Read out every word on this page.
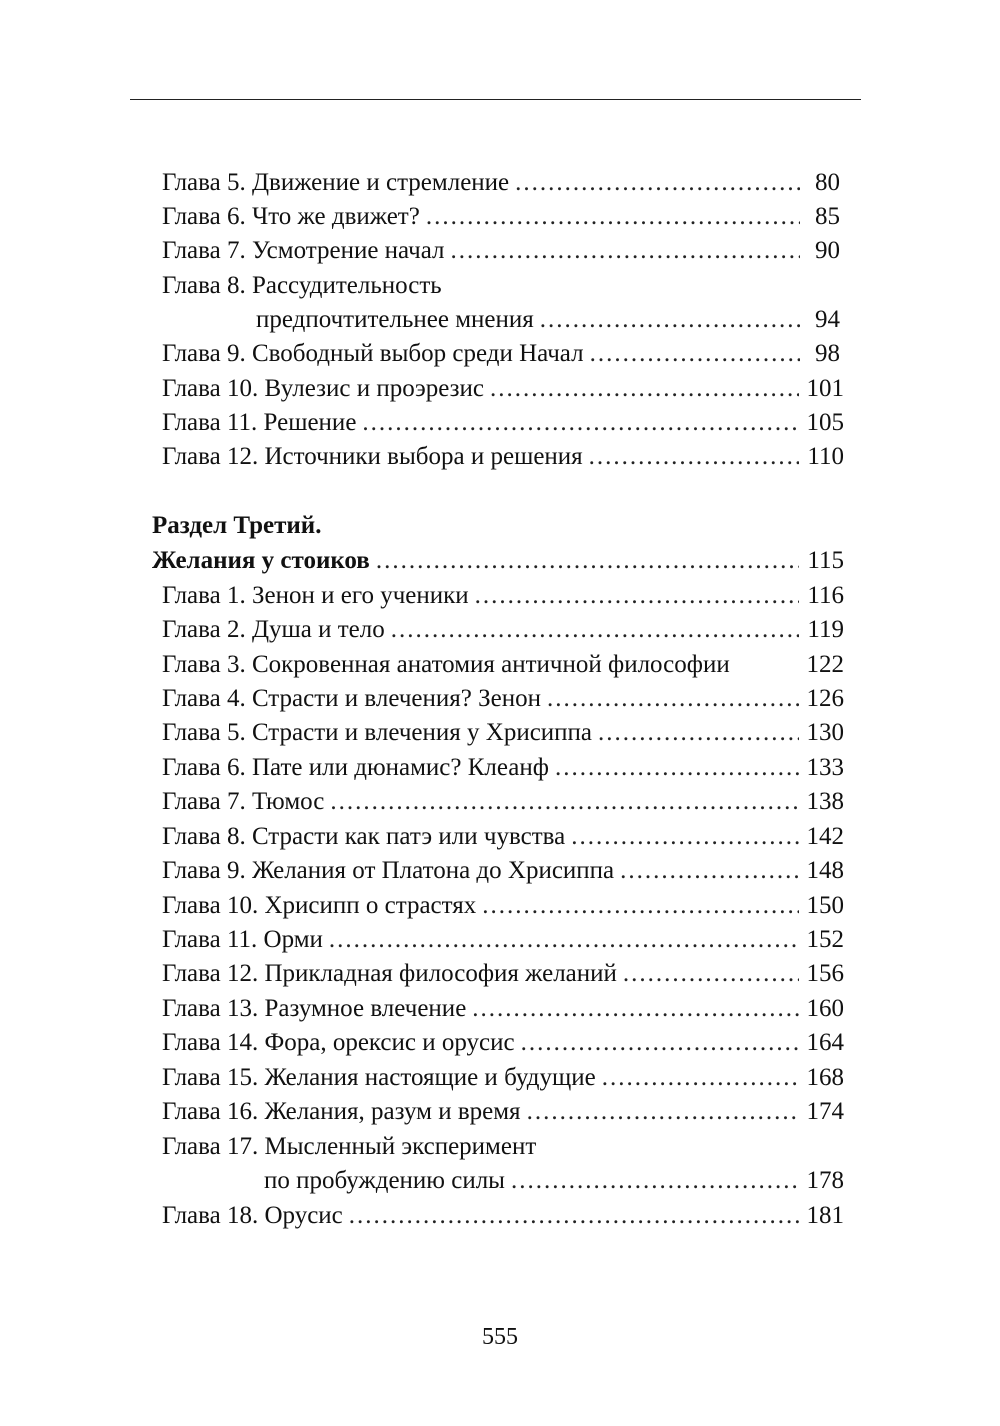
Глава 5. Движение и стремление .....	80
Глава 6. Что же движет? .....	85
Глава 7. Усмотрение начал .....	90
Глава 8. Рассудительность
предпочтительнее мнения .....	94
Глава 9. Свободный выбор среди Начал .....	98
Глава 10. Вулезис и проэрезис .....	101
Глава 11. Решение .....	105
Глава 12. Источники выбора и решения .....	110
Раздел Третий.
Желания у стоиков .....	115
Глава 1. Зенон и его ученики .....	116
Глава 2. Душа и тело .....	119
Глава 3. Сокровенная анатомия античной философии	122
Глава 4. Страсти и влечения? Зенон .....	126
Глава 5. Страсти и влечения у Хрисиппа .....	130
Глава 6. Пате или дюнамис? Клеанф .....	133
Глава 7. Тюмос .....	138
Глава 8. Страсти как патэ или чувства .....	142
Глава 9. Желания от Платона до Хрисиппа .....	148
Глава 10. Хрисипп о страстях .....	150
Глава 11. Орми .....	152
Глава 12. Прикладная философия желаний .....	156
Глава 13. Разумное влечение .....	160
Глава 14. Фора, орексис и орусис .....	164
Глава 15. Желания настоящие и будущие .....	168
Глава 16. Желания, разум и время .....	174
Глава 17. Мысленный эксперимент
по пробуждению силы .....	178
Глава 18. Орусис .....	181
555
